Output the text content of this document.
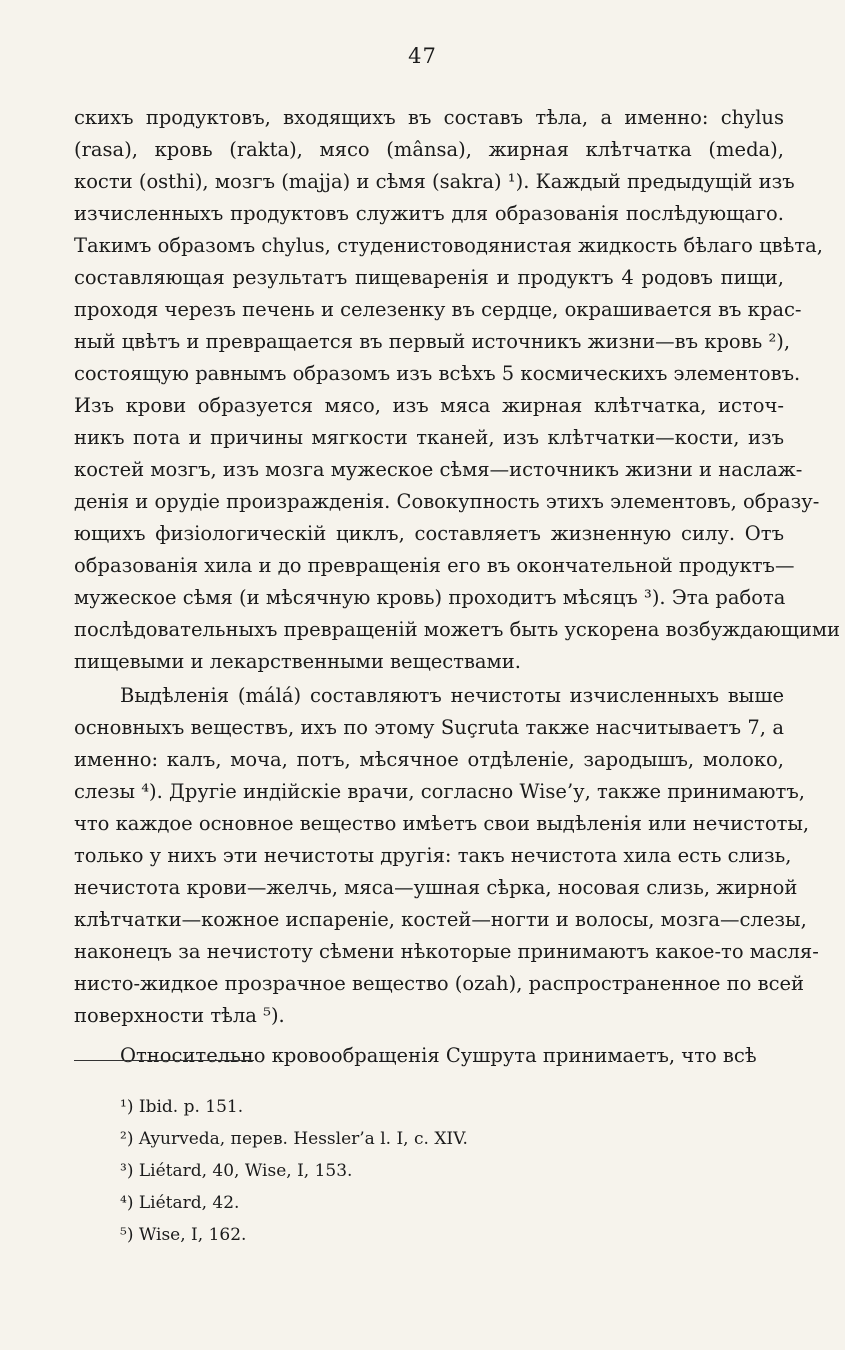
47
скихъ продуктовъ, входящихъ въ составъ тѣла, а именно: chylus
(rasa), кровь (rakta), мясо (mânsa), жирная клѣтчатка (meda),
кости (osthi), мозгъ (majja) и сѣмя (sakra) ¹). Каждый предыдущій изъ
изчисленныхъ продуктовъ служитъ для образованія послѣдующаго.
Такимъ образомъ chylus, студенистоводянистая жидкость бѣлаго цвѣта,
составляющая результатъ пищеваренія и продуктъ 4 родовъ пищи,
проходя черезъ печень и селезенку въ сердце, окрашивается въ крас-
ный цвѣтъ и превращается въ первый источникъ жизни—въ кровь ²),
состоящую равнымъ образомъ изъ всѣхъ 5 космическихъ элементовъ.
Изъ крови образуется мясо, изъ мяса жирная клѣтчатка, источ-
никъ пота и причины мягкости тканей, изъ клѣтчатки—кости, изъ
костей мозгъ, изъ мозга мужеское сѣмя—источникъ жизни и наслаж-
денія и орудіе произражденія. Совокупность этихъ элементовъ, образу-
ющихъ физіологическій циклъ, составляетъ жизненную силу. Отъ
образованія хила и до превращенія его въ окончательной продуктъ—
мужеское сѣмя (и мѣсячную кровь) проходитъ мѣсяцъ ³). Эта работа
послѣдовательныхъ превращеній можетъ быть ускорена возбуждающими
пищевыми и лекарственными веществами.
Выдѣленія (málá) составляютъ нечистоты изчисленныхъ выше
основныхъ веществъ, ихъ по этому Suçruta также насчитываетъ 7, а
именно: калъ, моча, потъ, мѣсячное отдѣленіе, зародышъ, молоко,
слезы ⁴). Другіе индійскіе врачи, согласно Wise’у, также принимаютъ,
что каждое основное вещество имѣетъ свои выдѣленія или нечистоты,
только у нихъ эти нечистоты другія: такъ нечистота хила есть слизь,
нечистота крови—желчь, мяса—ушная сѣрка, носовая слизь, жирной
клѣтчатки—кожное испареніе, костей—ногти и волосы, мозга—слезы,
наконецъ за нечистоту сѣмени нѣкоторые принимаютъ какое-то масля-
нисто-жидкое прозрачное вещество (ozah), распространенное по всей
поверхности тѣла ⁵).
Относительно кровообращенія Сушрута принимаетъ, что всѣ
¹) Ibid. p. 151.
²) Ayurveda, перев. Hessler’a l. I, c. XIV.
³) Liétard, 40, Wise, I, 153.
⁴) Liétard, 42.
⁵) Wise, I, 162.
